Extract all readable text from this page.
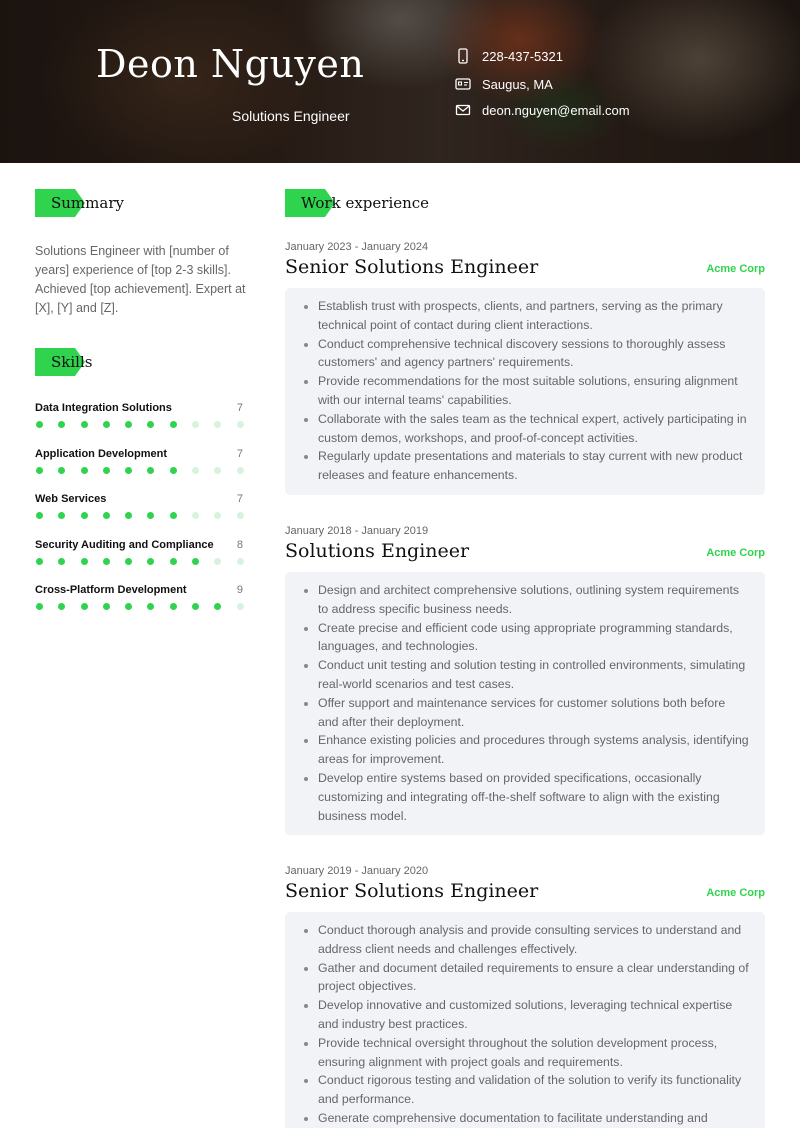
Deon Nguyen
Solutions Engineer
228-437-5321
Saugus, MA
deon.nguyen@email.com
Summary
Solutions Engineer with [number of years] experience of [top 2-3 skills]. Achieved [top achievement]. Expert at [X], [Y] and [Z].
Skills
Data Integration Solutions	7
Application Development	7
Web Services	7
Security Auditing and Compliance 8
Cross-Platform Development	9
Work experience
January 2023 - January 2024
Senior Solutions Engineer	Acme Corp
Establish trust with prospects, clients, and partners, serving as the primary technical point of contact during client interactions.
Conduct comprehensive technical discovery sessions to thoroughly assess customers' and agency partners' requirements.
Provide recommendations for the most suitable solutions, ensuring alignment with our internal teams' capabilities.
Collaborate with the sales team as the technical expert, actively participating in custom demos, workshops, and proof-of-concept activities.
Regularly update presentations and materials to stay current with new product releases and feature enhancements.
January 2018 - January 2019
Solutions Engineer	Acme Corp
Design and architect comprehensive solutions, outlining system requirements to address specific business needs.
Create precise and efficient code using appropriate programming standards, languages, and technologies.
Conduct unit testing and solution testing in controlled environments, simulating real-world scenarios and test cases.
Offer support and maintenance services for customer solutions both before and after their deployment.
Enhance existing policies and procedures through systems analysis, identifying areas for improvement.
Develop entire systems based on provided specifications, occasionally customizing and integrating off-the-shelf software to align with the existing business model.
January 2019 - January 2020
Senior Solutions Engineer	Acme Corp
Conduct thorough analysis and provide consulting services to understand and address client needs and challenges effectively.
Gather and document detailed requirements to ensure a clear understanding of project objectives.
Develop innovative and customized solutions, leveraging technical expertise and industry best practices.
Provide technical oversight throughout the solution development process, ensuring alignment with project goals and requirements.
Conduct rigorous testing and validation of the solution to verify its functionality and performance.
Generate comprehensive documentation to facilitate understanding and
